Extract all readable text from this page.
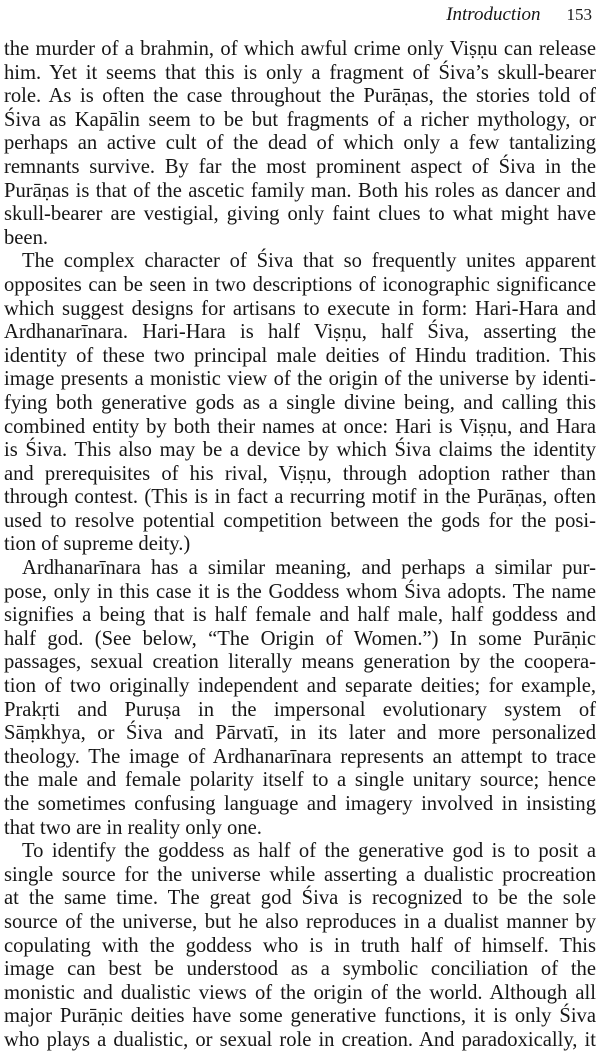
Introduction 153

the murder of a brahmin, of which awful crime only Viṣṇu can release
him. Yet it seems that this is only a fragment of Śiva’s skull-bearer
role. As is often the case throughout the Purāṇas, the stories told of
Śiva as Kapālin seem to be but fragments of a richer mythology, or
perhaps an active cult of the dead of which only a few tantalizing
remnants survive. By far the most prominent aspect of Śiva in the
Purāṇas is that of the ascetic family man. Both his roles as dancer and
skull-bearer are vestigial, giving only faint clues to what might have
been.

The complex character of Śiva that so frequently unites apparent
opposites can be seen in two descriptions of iconographic significance
which suggest designs for artisans to execute in form: Hari-Hara and
Ardhanarīnara. Hari-Hara is half Viṣṇu, half Śiva, asserting the
identity of these two principal male deities of Hindu tradition. This
image presents a monistic view of the origin of the universe by identi-
fying both generative gods as a single divine being, and calling this
combined entity by both their names at once: Hari is Viṣṇu, and Hara
is Śiva. This also may be a device by which Śiva claims the identity
and prerequisites of his rival, Viṣṇu, through adoption rather than
through contest. (This is in fact a recurring motif in the Purāṇas, often
used to resolve potential competition between the gods for the posi-
tion of supreme deity.)

Ardhanarīnara has a similar meaning, and perhaps a similar pur-
pose, only in this case it is the Goddess whom Śiva adopts. The name
signifies a being that is half female and half male, half goddess and
half god. (See below, “The Origin of Women.”) In some Purāṇic
passages, sexual creation literally means generation by the coopera-
tion of two originally independent and separate deities; for example,
Prakṛti and Puruṣa in the impersonal evolutionary system of
Sāṃkhya, or Śiva and Pārvatī, in its later and more personalized
theology. The image of Ardhanarīnara represents an attempt to trace
the male and female polarity itself to a single unitary source; hence
the sometimes confusing language and imagery involved in insisting
that two are in reality only one.

To identify the goddess as half of the generative god is to posit a
single source for the universe while asserting a dualistic procreation
at the same time. The great god Śiva is recognized to be the sole
source of the universe, but he also reproduces in a dualist manner by
copulating with the goddess who is in truth half of himself. This
image can best be understood as a symbolic conciliation of the
monistic and dualistic views of the origin of the world. Although all
major Purāṇic deities have some generative functions, it is only Śiva
who plays a dualistic, or sexual role in creation. And paradoxically, it
